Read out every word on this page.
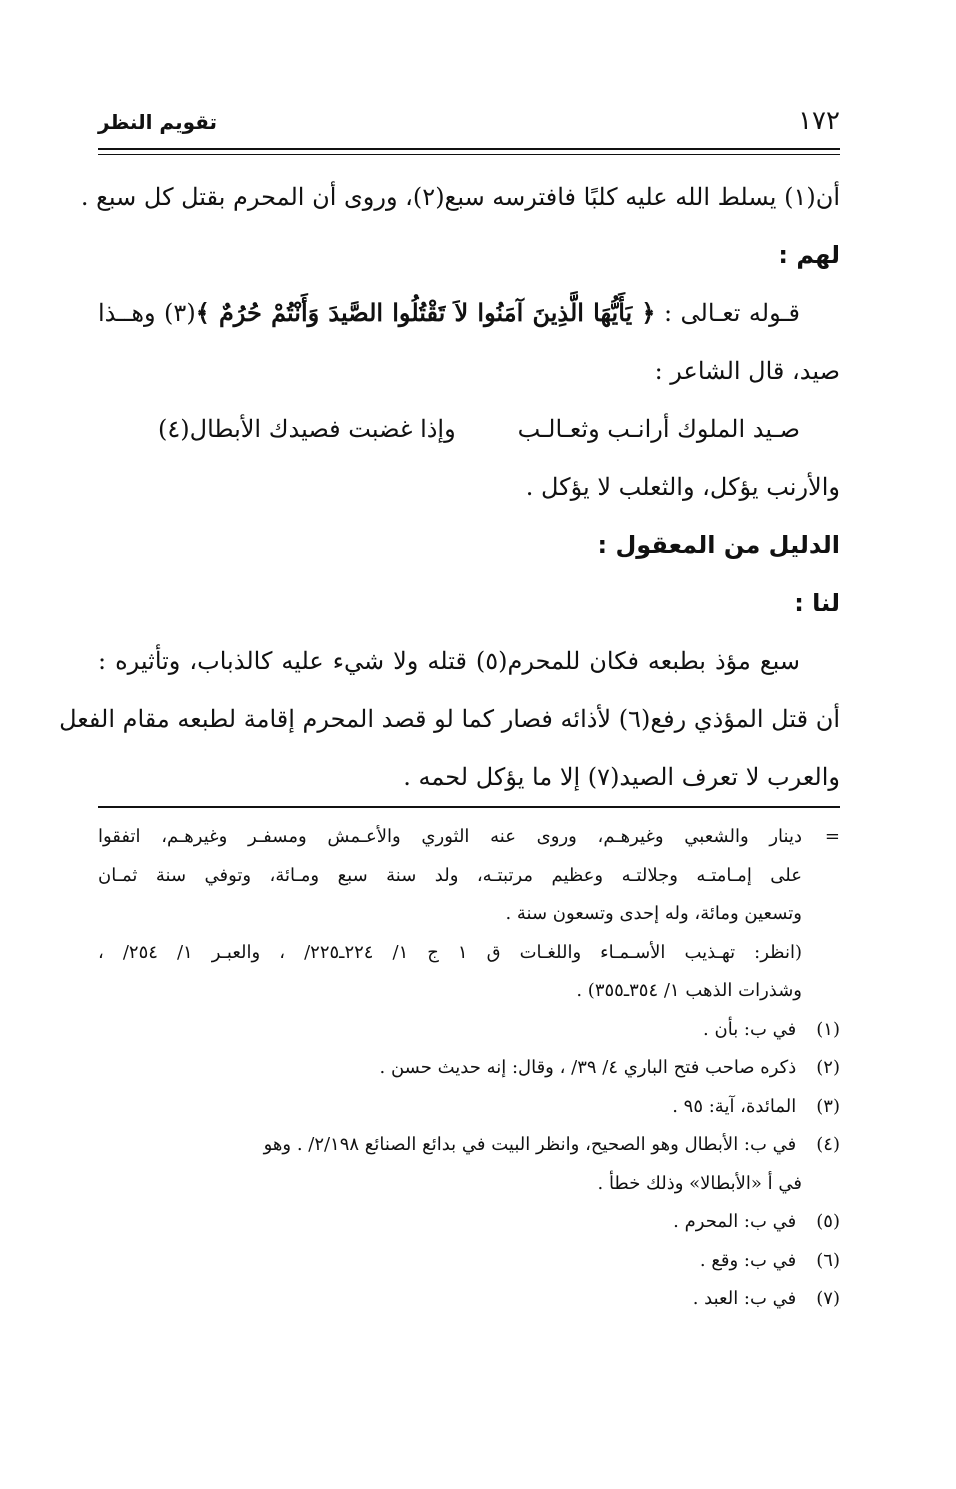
١٧٢
تقويم النظر
أن(١) يسلط الله عليه كلبًا فافترسه سبع(٢)، وروى أن المحرم بقتل كل سبع .
لهم :
قـوله تعـالى : ﴿ يَأَيُّهَا الَّذِينَ آمَنُوا لاَ تَقْتُلُوا الصَّيدَ وَأَنْتُمْ حُرُمٌ ﴾(٣) وهــذا
صيد، قال الشاعر :
صـيد الملوك أرانـب وثعـالـب
وإذا غضبت فصيدك الأبطال(٤)
والأرنب يؤكل، والثعلب لا يؤكل .
الدليل من المعقول :
لنا :
سبع مؤذ بطبعه فكان للمحرم(٥) قتله ولا شيء عليه كالذباب، وتأثيره :
أن قتل المؤذي رفع(٦) لأذائه فصار كما لو قصد المحرم إقامة لطبعه مقام الفعل
والعرب لا تعرف الصيد(٧) إلا ما يؤكل لحمه .
=دينار والشعبي وغيرهـم، وروى عنه الثوري والأعـمش ومسفـر وغيرهـم، اتفقوا
على إمـامتـه وجلالتـه وعظيم مرتبتـه، ولد سنة سبع ومـائة، وتوفي سنة ثمـان
وتسعين ومائة، وله إحدى وتسعون سنة .
(انظر: تهـذيب الأسـمـاء واللغـات ق ١ ج ١/ ٢٢٤ـ٢٢٥/ ، والعبـر ١/ ٢٥٤/ ،
وشذرات الذهب ١/ ٣٥٤ـ٣٥٥) .
(١) في ب: بأن .
(٢) ذكره صاحب فتح الباري ٤/ ٣٩/ ، وقال: إنه حديث حسن .
(٣) المائدة، آية: ٩٥ .
(٤) في ب: الأبطال وهو الصحيح، وانظر البيت في بدائع الصنائع ٢/١٩٨/ . وهو
في أ «الأبطالا» وذلك خطأ .
(٥) في ب: المحرم .
(٦) في ب: وقع .
(٧) في ب: العبد .
